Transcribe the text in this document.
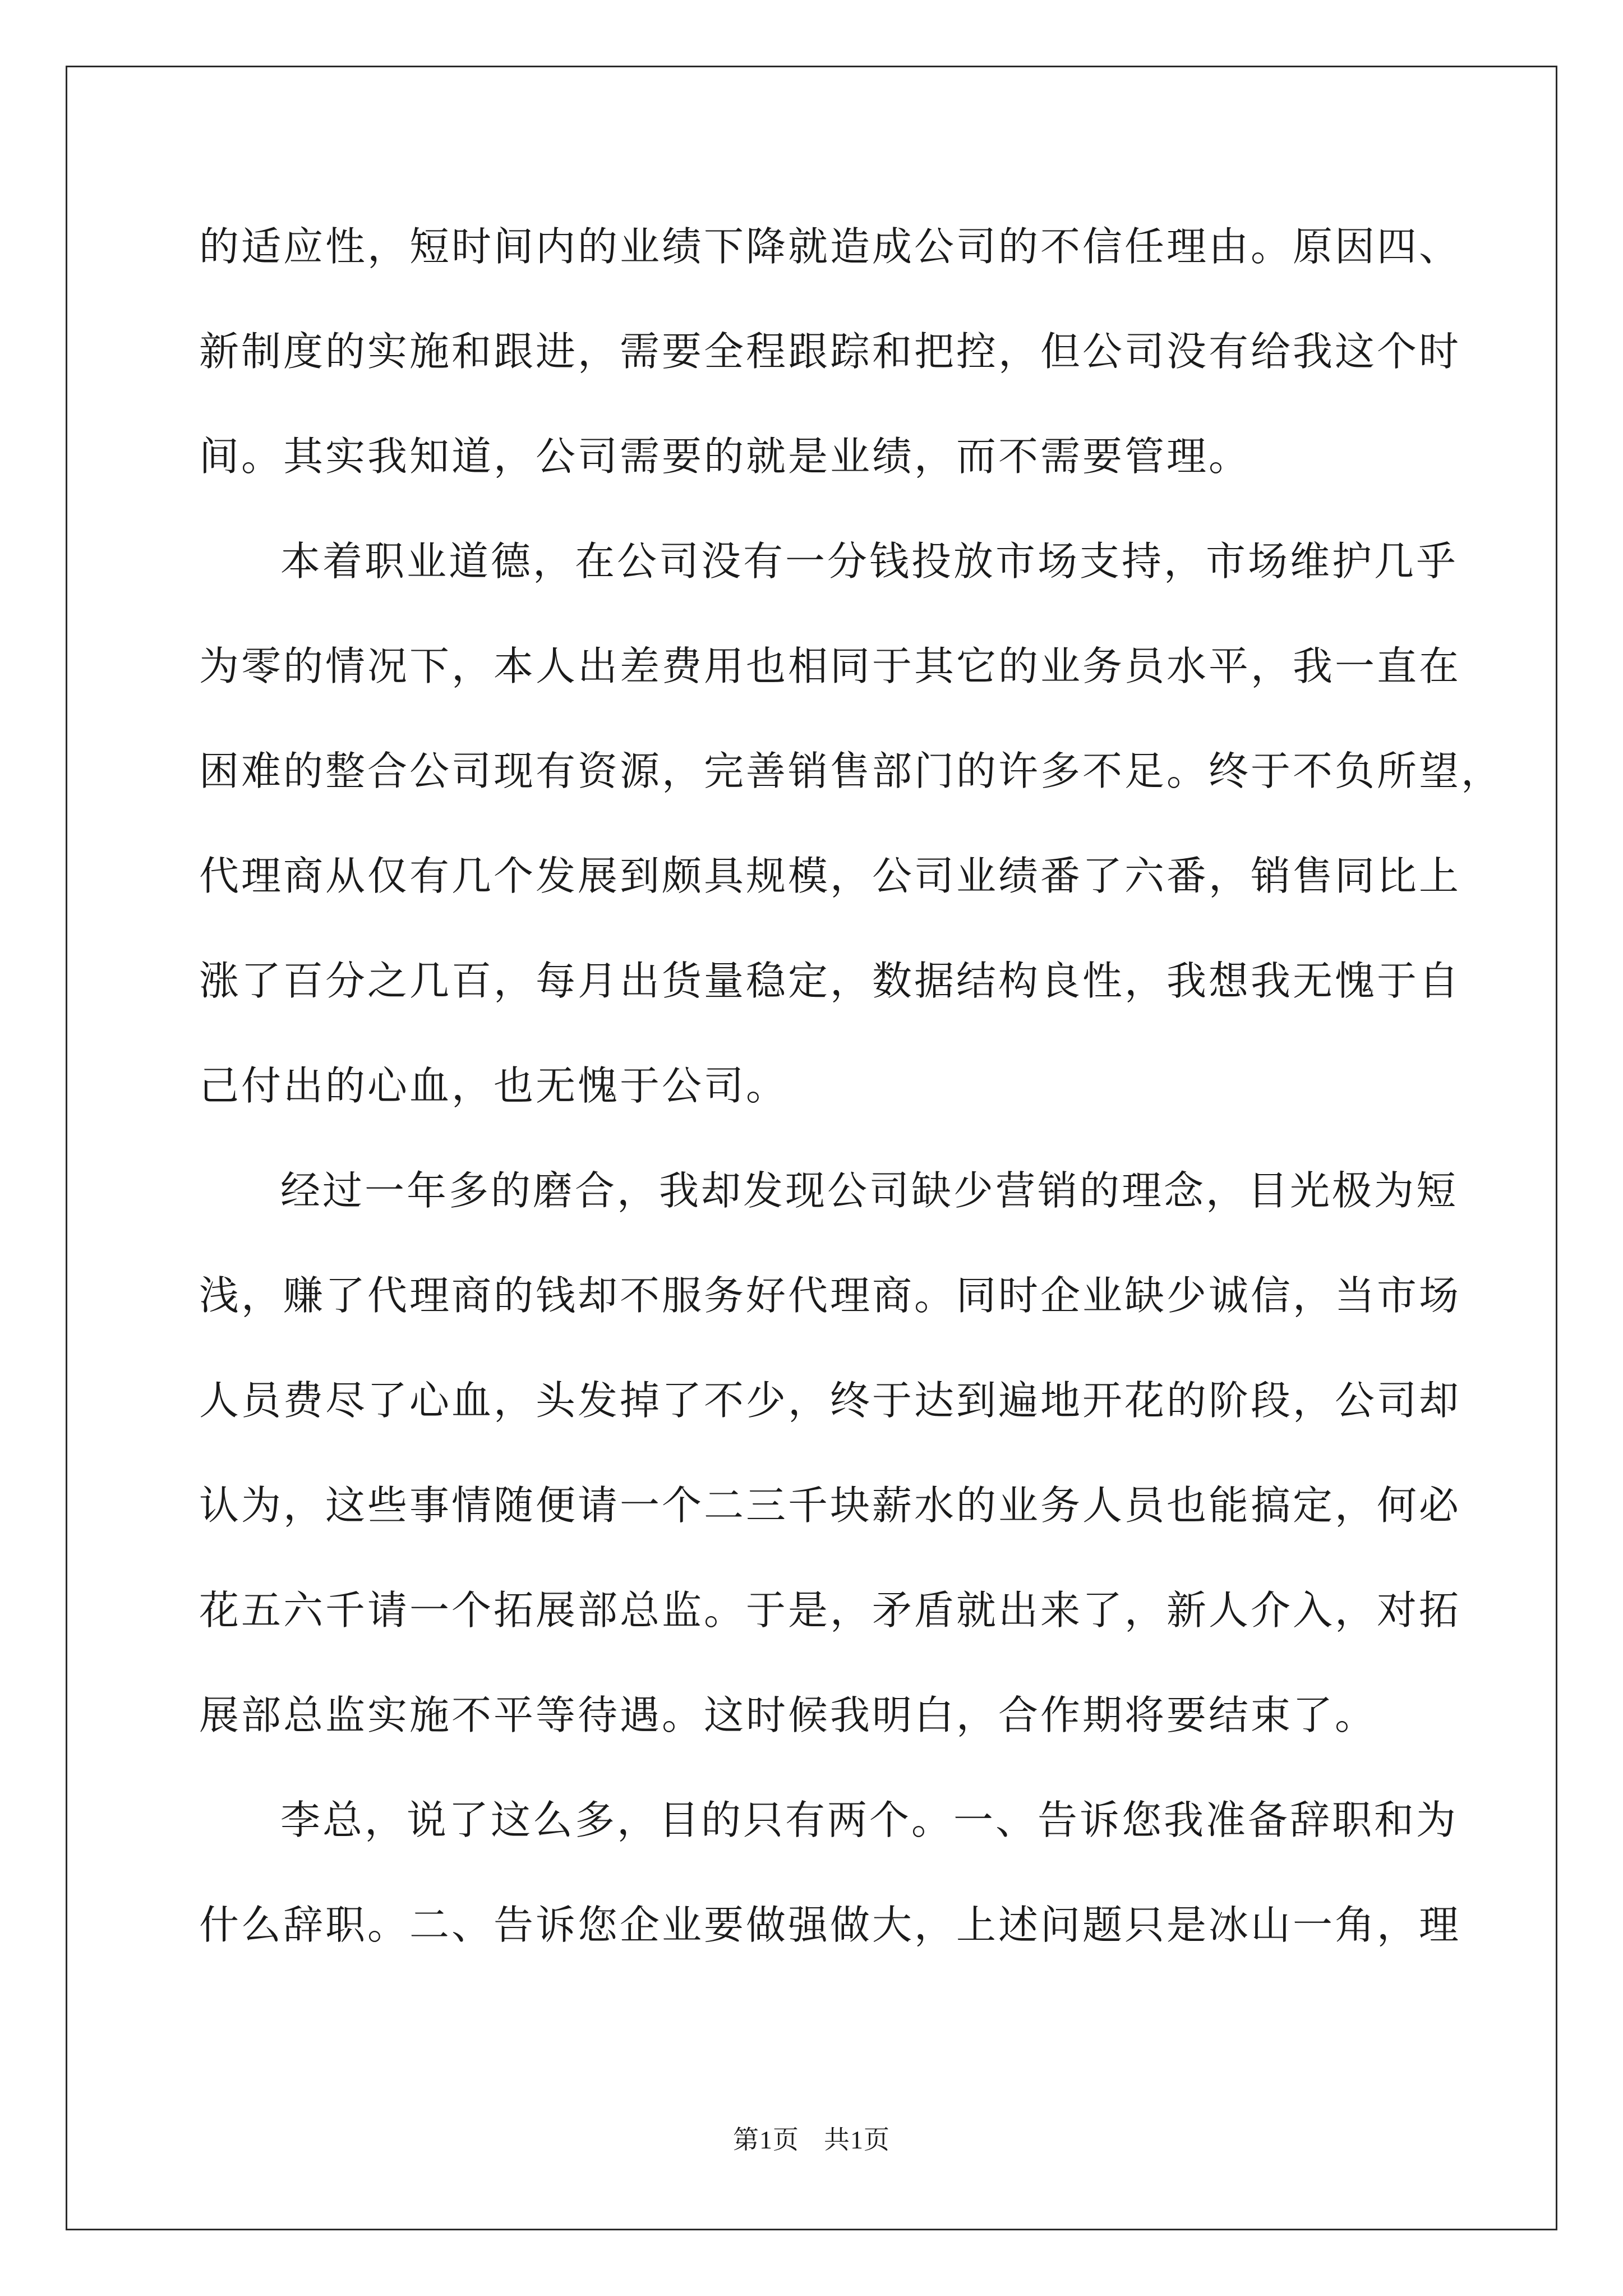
的适应性，短时间内的业绩下降就造成公司的不信任理由。原因四、
新制度的实施和跟进，需要全程跟踪和把控，但公司没有给我这个时
间。其实我知道，公司需要的就是业绩，而不需要管理。
本着职业道德，在公司没有一分钱投放市场支持，市场维护几乎
为零的情况下，本人出差费用也相同于其它的业务员水平，我一直在
困难的整合公司现有资源，完善销售部门的许多不足。终于不负所望，
代理商从仅有几个发展到颇具规模，公司业绩番了六番，销售同比上
涨了百分之几百，每月出货量稳定，数据结构良性，我想我无愧于自
己付出的心血，也无愧于公司。
经过一年多的磨合，我却发现公司缺少营销的理念，目光极为短
浅，赚了代理商的钱却不服务好代理商。同时企业缺少诚信，当市场
人员费尽了心血，头发掉了不少，终于达到遍地开花的阶段，公司却
认为，这些事情随便请一个二三千块薪水的业务人员也能搞定，何必
花五六千请一个拓展部总监。于是，矛盾就出来了，新人介入，对拓
展部总监实施不平等待遇。这时候我明白，合作期将要结束了。
李总，说了这么多，目的只有两个。一、告诉您我准备辞职和为
什么辞职。二、告诉您企业要做强做大，上述问题只是冰山一角，理
第1页 共1页
